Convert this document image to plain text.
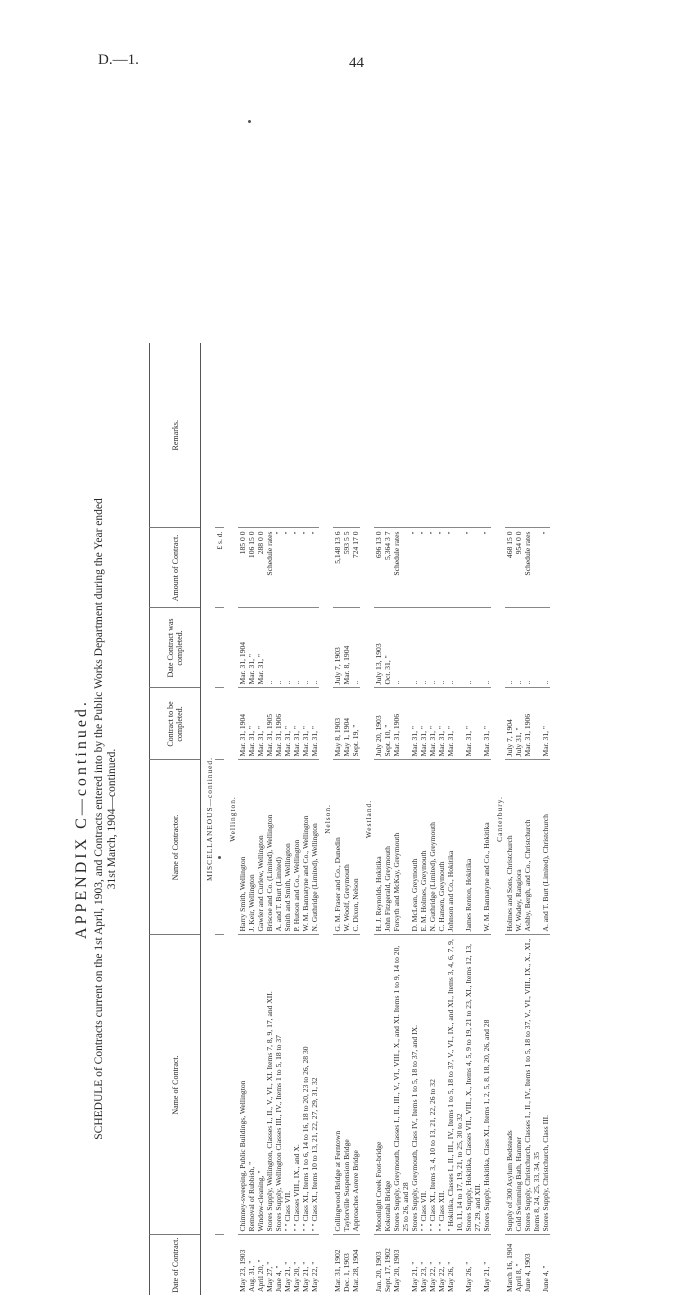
D.—1.	44
APPENDIX C—continued. SCHEDULE of Contracts current on the 1st April, 1903, and Contracts entered into by the Public Works Department during the Year ended 31st March, 1904—continued.
Date of Contract.	Name of Contract.	Name of Contractor.	Contract to be completed.	Date Contract was completed.	Amount of Contract.	Remarks.
MISCELLANEOUS—continued.						
					£ s. d.	
Wellington.						
May 23, 1903	Chimney-sweeping, Public Buildings, Wellington	Harry Smith, Wellington	Mar. 31, 1904	Mar. 31, 1904	185 0 0	
Aug. 31, "	Removal of Rubbish, "	J. Keir, Wellington	Mar. 31, "	Mar. 31, "	106 15 0	
April 20, "	Window-cleaning, "	Gawler and Curlew, Wellington	Mar. 31, "	Mar. 31, "	288 0 0	
May 27, "	Stores Supply, Wellington, Classes I., II., V., VI., XI. Items 7, 8, 9, 17, and XII.	Briscoe and Co. (Limited), Wellington	Mar. 31, 1905	..	Schedule rates	
June 4, "	Stores Supply, Wellington Classes III., IV., Items 1 to 5, 18 to 37	A. and T. Burt (Limited)	Mar. 31, 1906	..	"	
May 21, "	" " Class VII.	Smith and Smith, Wellington	Mar. 31, "	..	"	
May 20, "	" " Classes VIII., IX., and X.	P. Hutson and Co., Wellington	Mar. 31, "	..	"	
May 21, "	" " Class XI., Items 1 to 6, 14 to 16, 18 to 20, 23 to 26, 28 30	W. M. Bannatyne and Co., Wellington	Mar. 31, "	..	"	
May 22, "	" " Class XI., Items 10 to 13, 21, 22, 27, 29, 31, 32	N. Guthridge (Limited), Wellington	Mar. 31, "	..	"	
Nelson.						
Mar. 31, 1902	Collingwood Bridge at Ferntown	G. M. Fraser and Co., Dunedin	May 8, 1903	July 7, 1903	5,148 13 6	
Dec. 1, 1903	Taylorville Suspension Bridge	W. Woolf, Greymouth	May 1, 1904	Mar. 8, 1904	593 5 5	
Mar. 28, 1904	Approaches Aorere Bridge	C. Dixon, Nelson	Sept. 19, "	..	724 17 0	
Westland.						
Jan. 20, 1903	Moonlight Creek Foot-bridge	H. J. Reynolds, Hokitika	July 20, 1903	July 13, 1903	696 13 0	
Sept. 17, 1902	Kokotahi Bridge	John Fitzgerald, Greymouth	Sept. 10, "	Oct. 31, "	5,364 3 7	
May 20, 1903	Stores Supply, Greymouth, Classes I., II., III., V., VI., VIII., X., and XI. Items 1 to 9, 14 to 20, 25 to 26, and 28	Forsyth and McKay, Greymouth	Mar. 31, 1906	..	Schedule rates	
May 21, "	Stores Supply, Greymouth, Class IV., Items 1 to 5, 18 to 37, and IX.	D. McLean, Greymouth	Mar. 31, "	..	"	
May 23, "	" " Class VII.	E. M. Holmes, Greymouth	Mar. 31, "	..	"	
May 22, "	" " Class XI., Items 3, 4, 10 to 13, 21, 22, 26 to 32	N. Guthridge (Limited), Greymouth	Mar. 31, "	..	"	
May 22, "	" " Class XII.	C. Hansen, Greymouth	Mar. 31, "	..	"	
May 26, "	" Hokitika, Classes I., II., III., IV., Items 1 to 5, 18 to 37, V., VI., IX., and XI., Items 3, 4, 6, 7, 9, 10, 11, 14 to 17, 19, 21, to 25, 30 to 32	Johnson and Co., Hokitika	Mar. 31, "	..	"	
May 26, "	Stores Supply, Hokitika, Classes VII., VIII., X., Items 4, 5, 9 to 19, 21 to 23, XI., Items 12, 13, 27, 29, and XII.	James Renton, Hokitika	Mar. 31, "	..	"	
May 21, "	Stores Supply, Hokitika, Class XI., Items 1, 2, 5, 8, 18, 20, 26, and 28	W. M. Bannatyne and Co., Hokitika	Mar. 31, "	..	"	
Canterbury.						
March 16, 1904	Supply of 300 Asylum Bedsteads	Holmes and Sons, Christchurch	July 7, 1904	..	468 15 0	
April 8, "	Cold Swimming Bath, Hanmer	W. Wadey, Rangiora	July 31, "	..	954 0 0	
June 4, 1903	Stores Supply, Christchurch, Classes I., II., IV., Items 1 to 5, 18 to 37, V., VI., VIII., IX., X., XI., Items 8, 24, 25, 33, 34, 35	Ashby, Bergh, and Co., Christchurch	Mar. 31, 1906	..	Schedule rates	
June 4, "	Stores Supply, Christchurch, Class III.	A. and T. Burt (Limited), Christchurch	Mar. 31, "	..	"	
